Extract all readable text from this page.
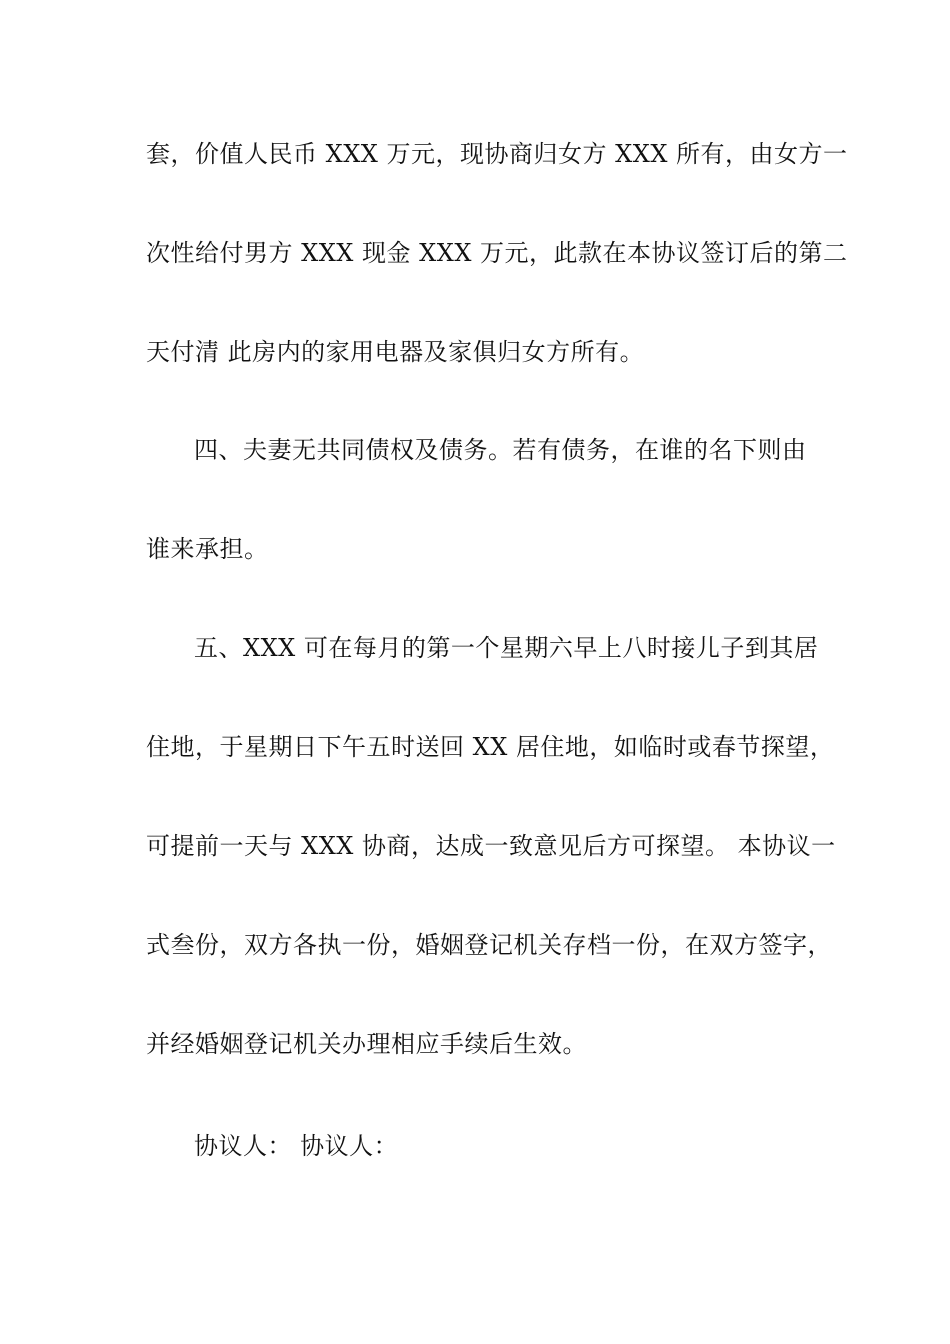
套，价值人民币 XXX 万元，现协商归女方 XXX 所有，由女方一
次性给付男方 XXX 现金 XXX 万元，此款在本协议签订后的第二
天付清 此房内的家用电器及家俱归女方所有。
四、夫妻无共同债权及债务。若有债务，在谁的名下则由
谁来承担。
五、XXX 可在每月的第一个星期六早上八时接儿子到其居
住地，于星期日下午五时送回 XX 居住地，如临时或春节探望，
可提前一天与 XXX 协商，达成一致意见后方可探望。 本协议一
式叁份，双方各执一份，婚姻登记机关存档一份，在双方签字，
并经婚姻登记机关办理相应手续后生效。
协议人： 协议人：
